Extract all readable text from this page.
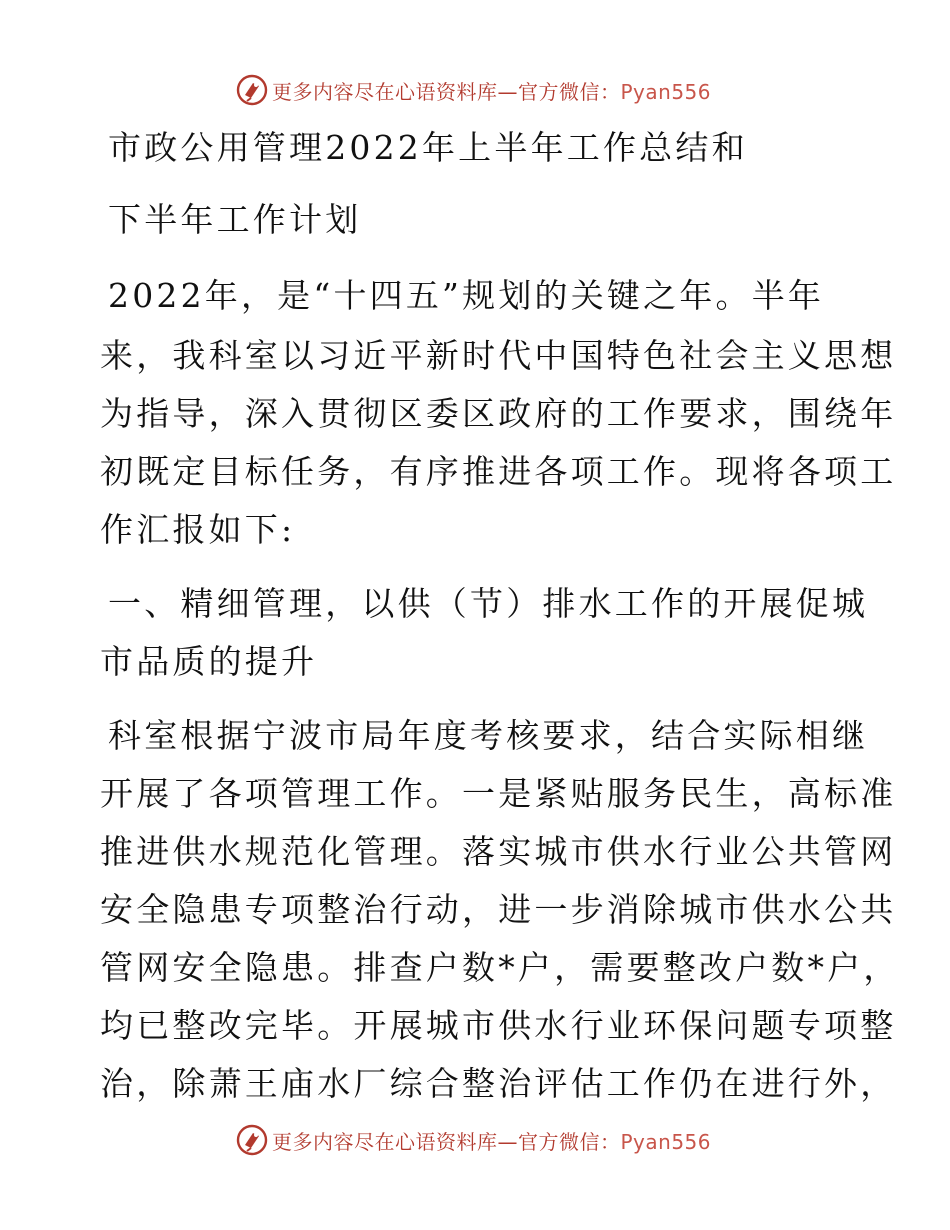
更多内容尽在心语资料库—官方微信：Pyan556
市政公用管理2022年上半年工作总结和
下半年工作计划
2022年，是“十四五”规划的关键之年。半年
来，我科室以习近平新时代中国特色社会主义思想
为指导，深入贯彻区委区政府的工作要求，围绕年
初既定目标任务，有序推进各项工作。现将各项工
作汇报如下:
一、精细管理，以供（节）排水工作的开展促城
市品质的提升
科室根据宁波市局年度考核要求，结合实际相继
开展了各项管理工作。一是紧贴服务民生，高标准
推进供水规范化管理。落实城市供水行业公共管网
安全隐患专项整治行动，进一步消除城市供水公共
管网安全隐患。排查户数*户，需要整改户数*户，
均已整改完毕。开展城市供水行业环保问题专项整
治，除萧王庙水厂综合整治评估工作仍在进行外，
更多内容尽在心语资料库—官方微信：Pyan556
